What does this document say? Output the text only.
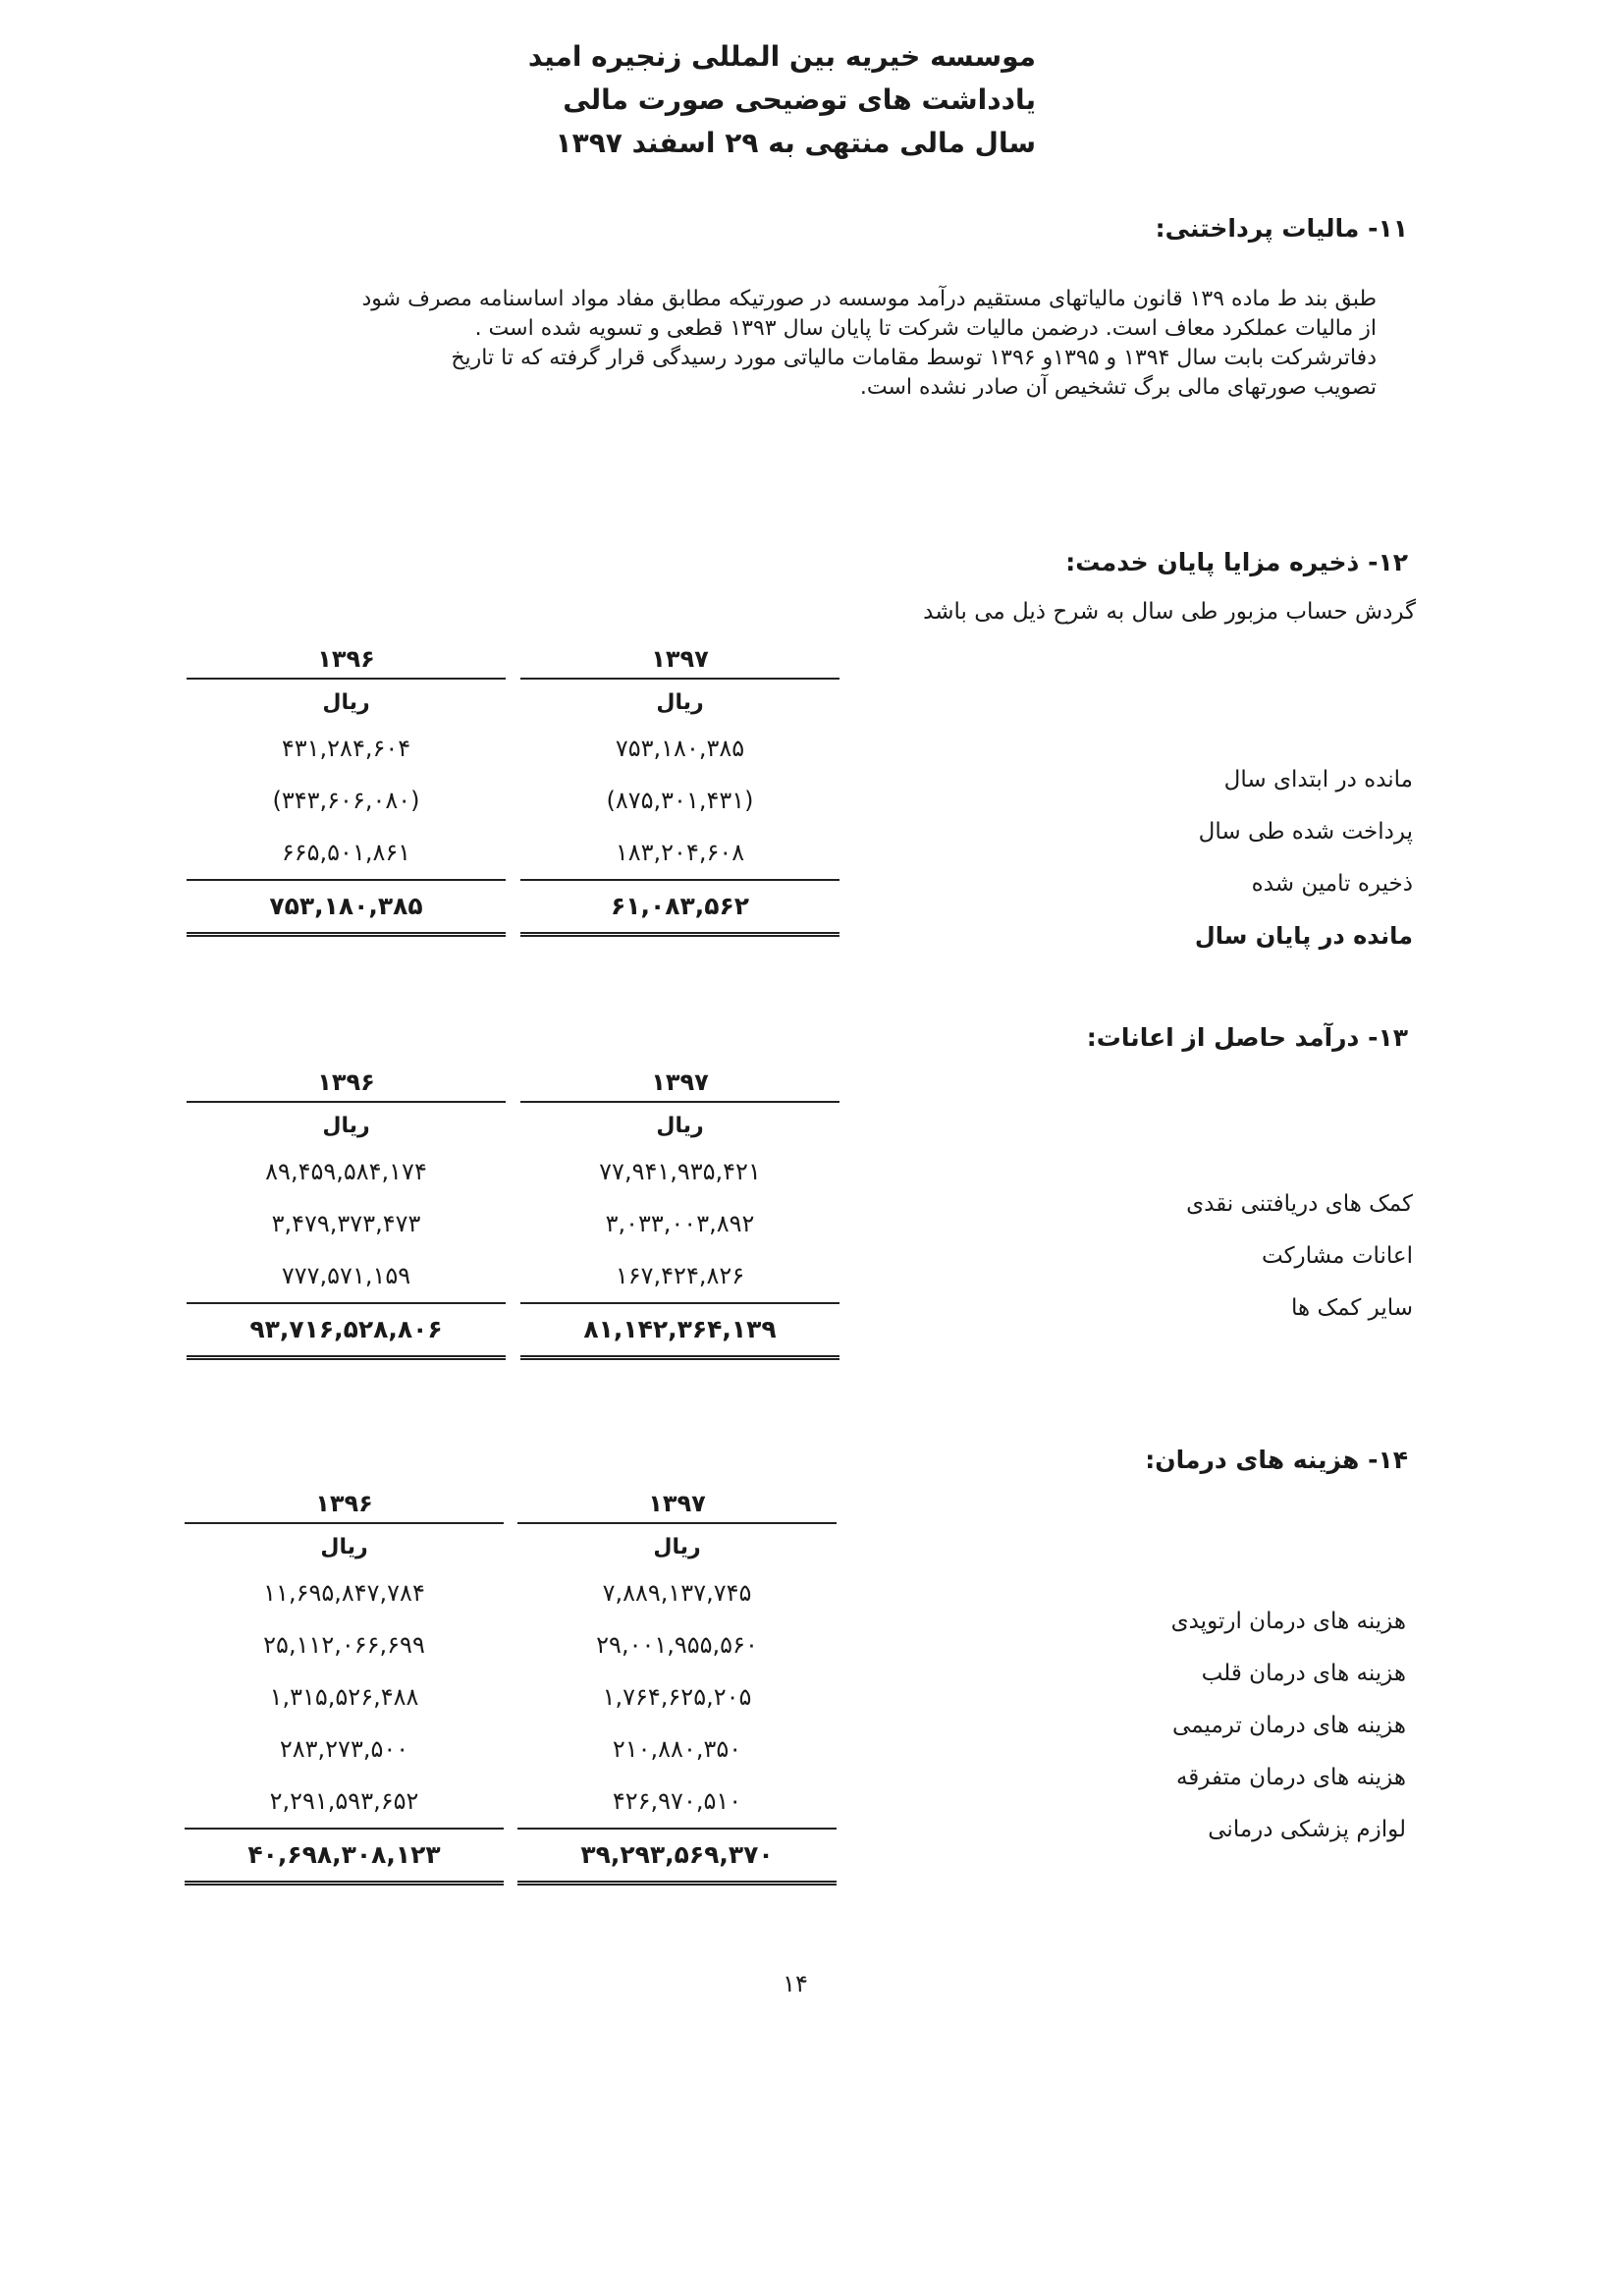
موسسه خیریه بین المللی زنجیره امید
یادداشت های توضیحی صورت مالی
سال مالی منتهی به ۲۹ اسفند ۱۳۹۷
۱۱- مالیات پرداختنی:
طبق بند ط ماده ۱۳۹ قانون مالیاتهای مستقیم درآمد موسسه در صورتیکه مطابق مفاد مواد اساسنامه مصرف شود
از مالیات عملکرد معاف است. درضمن مالیات شرکت تا پایان سال ۱۳۹۳ قطعی و تسویه شده است .
دفاترشرکت بابت سال ۱۳۹۴ و ۱۳۹۵و ۱۳۹۶ توسط مقامات مالیاتی مورد رسیدگی قرار گرفته که تا تاریخ
تصویب صورتهای مالی برگ تشخیص آن صادر نشده است.
۱۲- ذخیره مزایا پایان خدمت:
گردش حساب مزبور طی سال به شرح ذیل می باشد
۱۳۹۶
ریال
۴۳۱,۲۸۴,۶۰۴
(۳۴۳,۶۰۶,۰۸۰)
۶۶۵,۵۰۱,۸۶۱
۷۵۳,۱۸۰,۳۸۵
۱۳۹۷
ریال
۷۵۳,۱۸۰,۳۸۵
(۸۷۵,۳۰۱,۴۳۱)
۱۸۳,۲۰۴,۶۰۸
۶۱,۰۸۳,۵۶۲
مانده در ابتدای سال
پرداخت شده طی سال
ذخیره تامین شده
مانده در پایان سال
۱۳- درآمد حاصل از اعانات:
۱۳۹۶
ریال
۸۹,۴۵۹,۵۸۴,۱۷۴
۳,۴۷۹,۳۷۳,۴۷۳
۷۷۷,۵۷۱,۱۵۹
۹۳,۷۱۶,۵۲۸,۸۰۶
۱۳۹۷
ریال
۷۷,۹۴۱,۹۳۵,۴۲۱
۳,۰۳۳,۰۰۳,۸۹۲
۱۶۷,۴۲۴,۸۲۶
۸۱,۱۴۲,۳۶۴,۱۳۹
کمک های دریافتنی نقدی
اعانات مشارکت
سایر کمک ها
۱۴- هزینه های درمان:
۱۳۹۶
ریال
۱۱,۶۹۵,۸۴۷,۷۸۴
۲۵,۱۱۲,۰۶۶,۶۹۹
۱,۳۱۵,۵۲۶,۴۸۸
۲۸۳,۲۷۳,۵۰۰
۲,۲۹۱,۵۹۳,۶۵۲
۴۰,۶۹۸,۳۰۸,۱۲۳
۱۳۹۷
ریال
۷,۸۸۹,۱۳۷,۷۴۵
۲۹,۰۰۱,۹۵۵,۵۶۰
۱,۷۶۴,۶۲۵,۲۰۵
۲۱۰,۸۸۰,۳۵۰
۴۲۶,۹۷۰,۵۱۰
۳۹,۲۹۳,۵۶۹,۳۷۰
هزینه های درمان ارتوپدی
هزینه های درمان قلب
هزینه های درمان ترمیمی
هزینه های درمان متفرقه
لوازم پزشکی درمانی
۱۴
